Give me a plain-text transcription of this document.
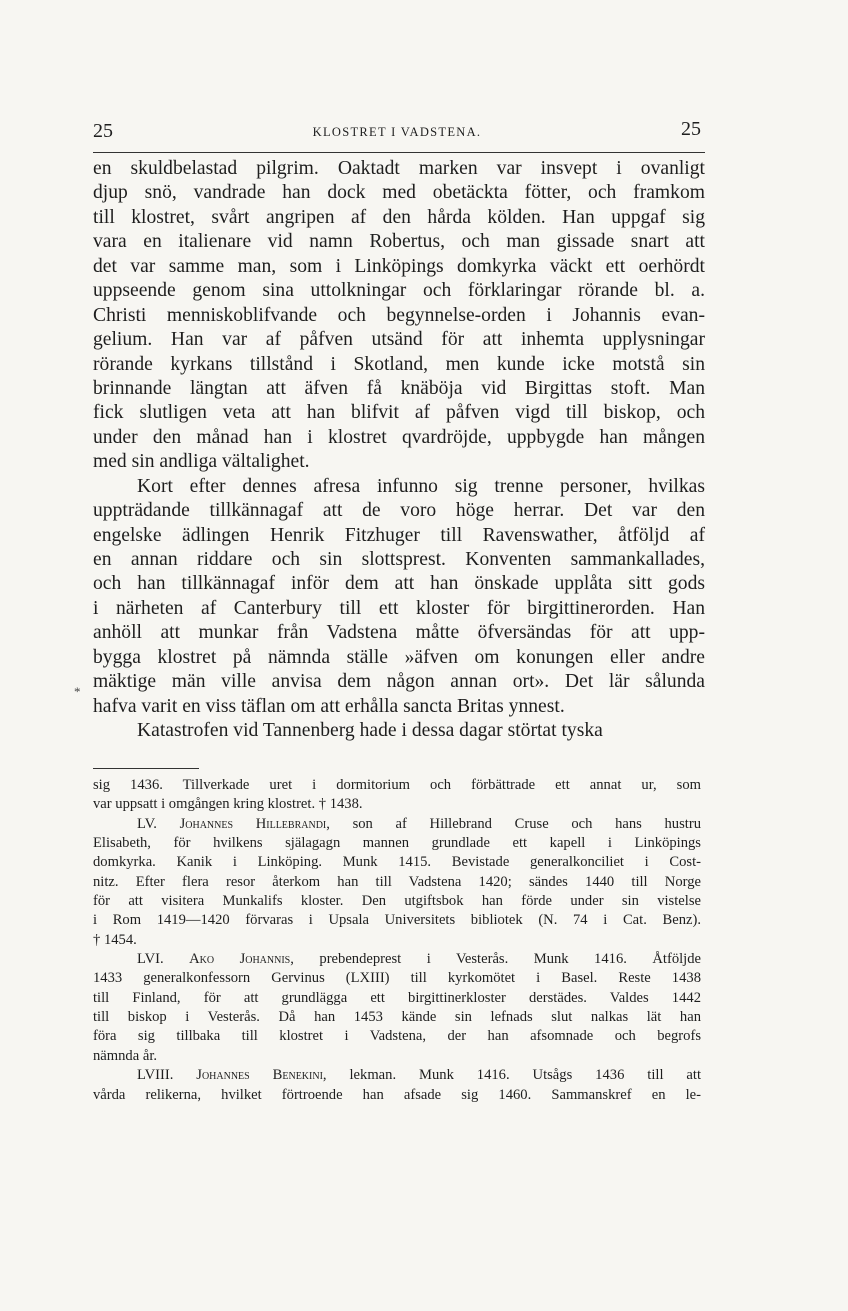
25	KLOSTRET I VADSTENA.	25
en skuldbelastad pilgrim. Oaktadt marken var insvept i ovanligt
djup snö, vandrade han dock med obetäckta fötter, och framkom
till klostret, svårt angripen af den hårda kölden. Han uppgaf sig
vara en italienare vid namn Robertus, och man gissade snart att
det var samme man, som i Linköpings domkyrka väckt ett oerhördt
uppseende genom sina uttolkningar och förklaringar rörande bl. a.
Christi menniskoblifvande och begynnelse-orden i Johannis evan-
gelium. Han var af påfven utsänd för att inhemta upplysningar
rörande kyrkans tillstånd i Skotland, men kunde icke motstå sin
brinnande längtan att äfven få knäböja vid Birgittas stoft. Man
fick slutligen veta att han blifvit af påfven vigd till biskop, och
under den månad han i klostret qvardröjde, uppbygde han mången
med sin andliga vältalighet.
Kort efter dennes afresa infunno sig trenne personer, hvilkas
uppträdande tillkännagaf att de voro höge herrar. Det var den
engelske ädlingen Henrik Fitzhuger till Ravenswather, åtföljd af
en annan riddare och sin slottsprest. Konventen sammankallades,
och han tillkännagaf inför dem att han önskade upplåta sitt gods
i närheten af Canterbury till ett kloster för birgittinerorden. Han
anhöll att munkar från Vadstena måtte öfversändas för att upp-
bygga klostret på nämnda ställe »äfven om konungen eller andre
mäktige män ville anvisa dem någon annan ort». Det lär sålunda
hafva varit en viss täflan om att erhålla sancta Britas ynnest.
Katastrofen vid Tannenberg hade i dessa dagar störtat tyska
*
sig 1436. Tillverkade uret i dormitorium och förbättrade ett annat ur, som
var uppsatt i omgången kring klostret. † 1438.
LV. Johannes Hillebrandi, son af Hillebrand Cruse och hans hustru
Elisabeth, för hvilkens själagagn mannen grundlade ett kapell i Linköpings
domkyrka. Kanik i Linköping. Munk 1415. Bevistade generalkonciliet i Cost-
nitz. Efter flera resor återkom han till Vadstena 1420; sändes 1440 till Norge
för att visitera Munkalifs kloster. Den utgiftsbok han förde under sin vistelse
i Rom 1419—1420 förvaras i Upsala Universitets bibliotek (N. 74 i Cat. Benz).
† 1454.
LVI. Ako Johannis, prebendeprest i Vesterås. Munk 1416. Åtföljde
1433 generalkonfessorn Gervinus (LXIII) till kyrkomötet i Basel. Reste 1438
till Finland, för att grundlägga ett birgittinerkloster derstädes. Valdes 1442
till biskop i Vesterås. Då han 1453 kände sin lefnads slut nalkas lät han
föra sig tillbaka till klostret i Vadstena, der han afsomnade och begrofs
nämnda år.
LVIII. Johannes Benekini, lekman. Munk 1416. Utsågs 1436 till att
vårda relikerna, hvilket förtroende han afsade sig 1460. Sammanskref en le-
